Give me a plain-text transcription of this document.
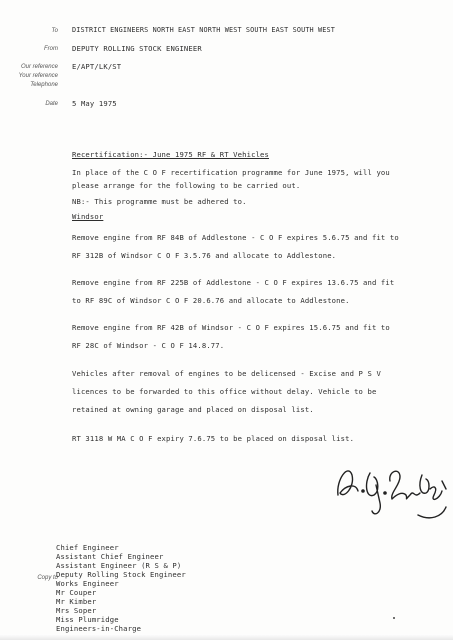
To DISTRICT ENGINEERS NORTH EAST NORTH WEST SOUTH EAST SOUTH WEST
From DEPUTY ROLLING STOCK ENGINEER
Our reference E/APT/LK/ST
Your reference
Telephone
Date 5 May 1975
Recertification:- June 1975 RF & RT Vehicles
In place of the C O F recertification programme for June 1975, will you
please arrange for the following to be carried out.
NB:- This programme must be adhered to.
Windsor
Remove engine from RF 84B of Addlestone - C O F expires 5.6.75 and fit to
RF 312B of Windsor C O F 3.5.76 and allocate to Addlestone.
Remove engine from RF 225B of Addlestone - C O F expires 13.6.75 and fit
to RF 89C of Windsor C O F 20.6.76 and allocate to Addlestone.
Remove engine from RF 42B of Windsor - C O F expires 15.6.75 and fit to
RF 28C of Windsor - C O F 14.8.77.
Vehicles after removal of engines to be delicensed - Excise and P S V
licences to be forwarded to this office without delay. Vehicle to be
retained at owning garage and placed on disposal list.
RT 3118 W MA C O F expiry 7.6.75 to be placed on disposal list.
Copy to
Chief Engineer
Assistant Chief Engineer
Assistant Engineer (R S & P)
Deputy Rolling Stock Engineer
Works Engineer
Mr Couper
Mr Kimber
Mrs Soper
Miss Plumridge
Engineers-in-Charge
